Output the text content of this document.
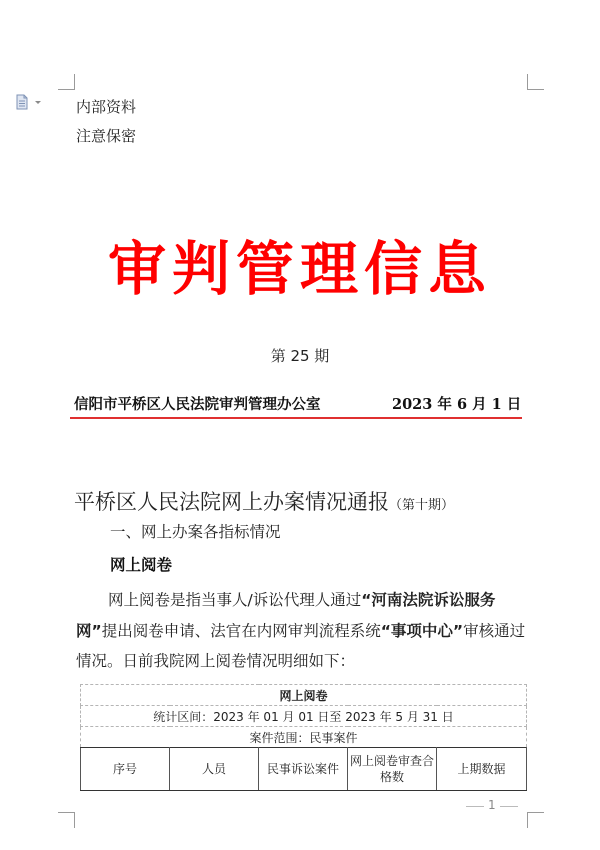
内部资料
注意保密
审判管理信息
第 25 期
信阳市平桥区人民法院审判管理办公室	2023 年 6 月 1 日
平桥区人民法院网上办案情况通报（第十期）
一、网上办案各指标情况
网上阅卷
网上阅卷是指当事人/诉讼代理人通过“河南法院诉讼服务网”提出阅卷申请、法官在内网审判流程系统“事项中心”审核通过情况。日前我院网上阅卷情况明细如下：
网上阅卷
统计区间：2023 年 01 月 01 日至 2023 年 5 月 31 日
案件范围：民事案件
序号	人员	民事诉讼案件	网上阅卷审查合格数	上期数据
1
